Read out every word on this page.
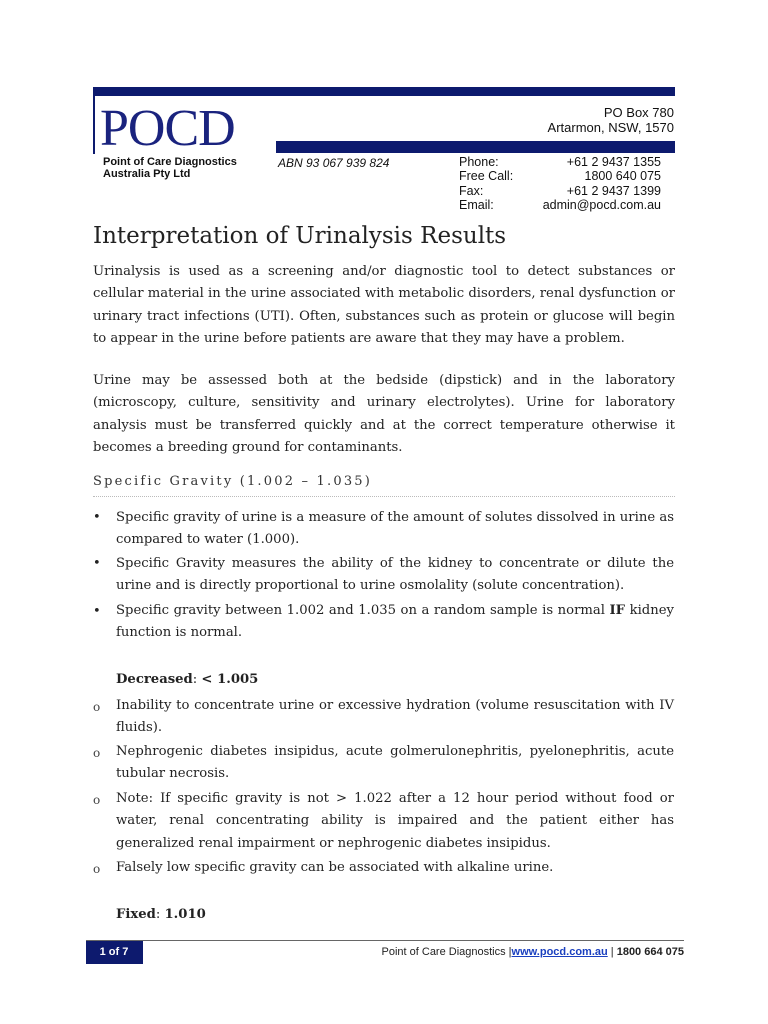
POCD
Point of Care Diagnostics
Australia Pty Ltd
PO Box 780
Artarmon, NSW, 1570
ABN 93 067 939 824	Phone:	+61 2 9437 1355
Free Call:	1800 640 075
Fax:	+61 2 9437 1399
Email:	admin@pocd.com.au
Interpretation of Urinalysis Results
Urinalysis is used as a screening and/or diagnostic tool to detect substances or cellular material in the urine associated with metabolic disorders, renal dysfunction or urinary tract infections (UTI). Often, substances such as protein or glucose will begin to appear in the urine before patients are aware that they may have a problem.
Urine may be assessed both at the bedside (dipstick) and in the laboratory (microscopy, culture, sensitivity and urinary electrolytes). Urine for laboratory analysis must be transferred quickly and at the correct temperature otherwise it becomes a breeding ground for contaminants.
Specific Gravity (1.002 – 1.035)
• Specific gravity of urine is a measure of the amount of solutes dissolved in urine as compared to water (1.000).
• Specific Gravity measures the ability of the kidney to concentrate or dilute the urine and is directly proportional to urine osmolality (solute concentration).
• Specific gravity between 1.002 and 1.035 on a random sample is normal IF kidney function is normal.
Decreased: < 1.005
o Inability to concentrate urine or excessive hydration (volume resuscitation with IV fluids).
o Nephrogenic diabetes insipidus, acute golmerulonephritis, pyelonephritis, acute tubular necrosis.
o Note: If specific gravity is not > 1.022 after a 12 hour period without food or water, renal concentrating ability is impaired and the patient either has generalized renal impairment or nephrogenic diabetes insipidus.
o Falsely low specific gravity can be associated with alkaline urine.
Fixed: 1.010
1 of 7	Point of Care Diagnostics |www.pocd.com.au | 1800 664 075
